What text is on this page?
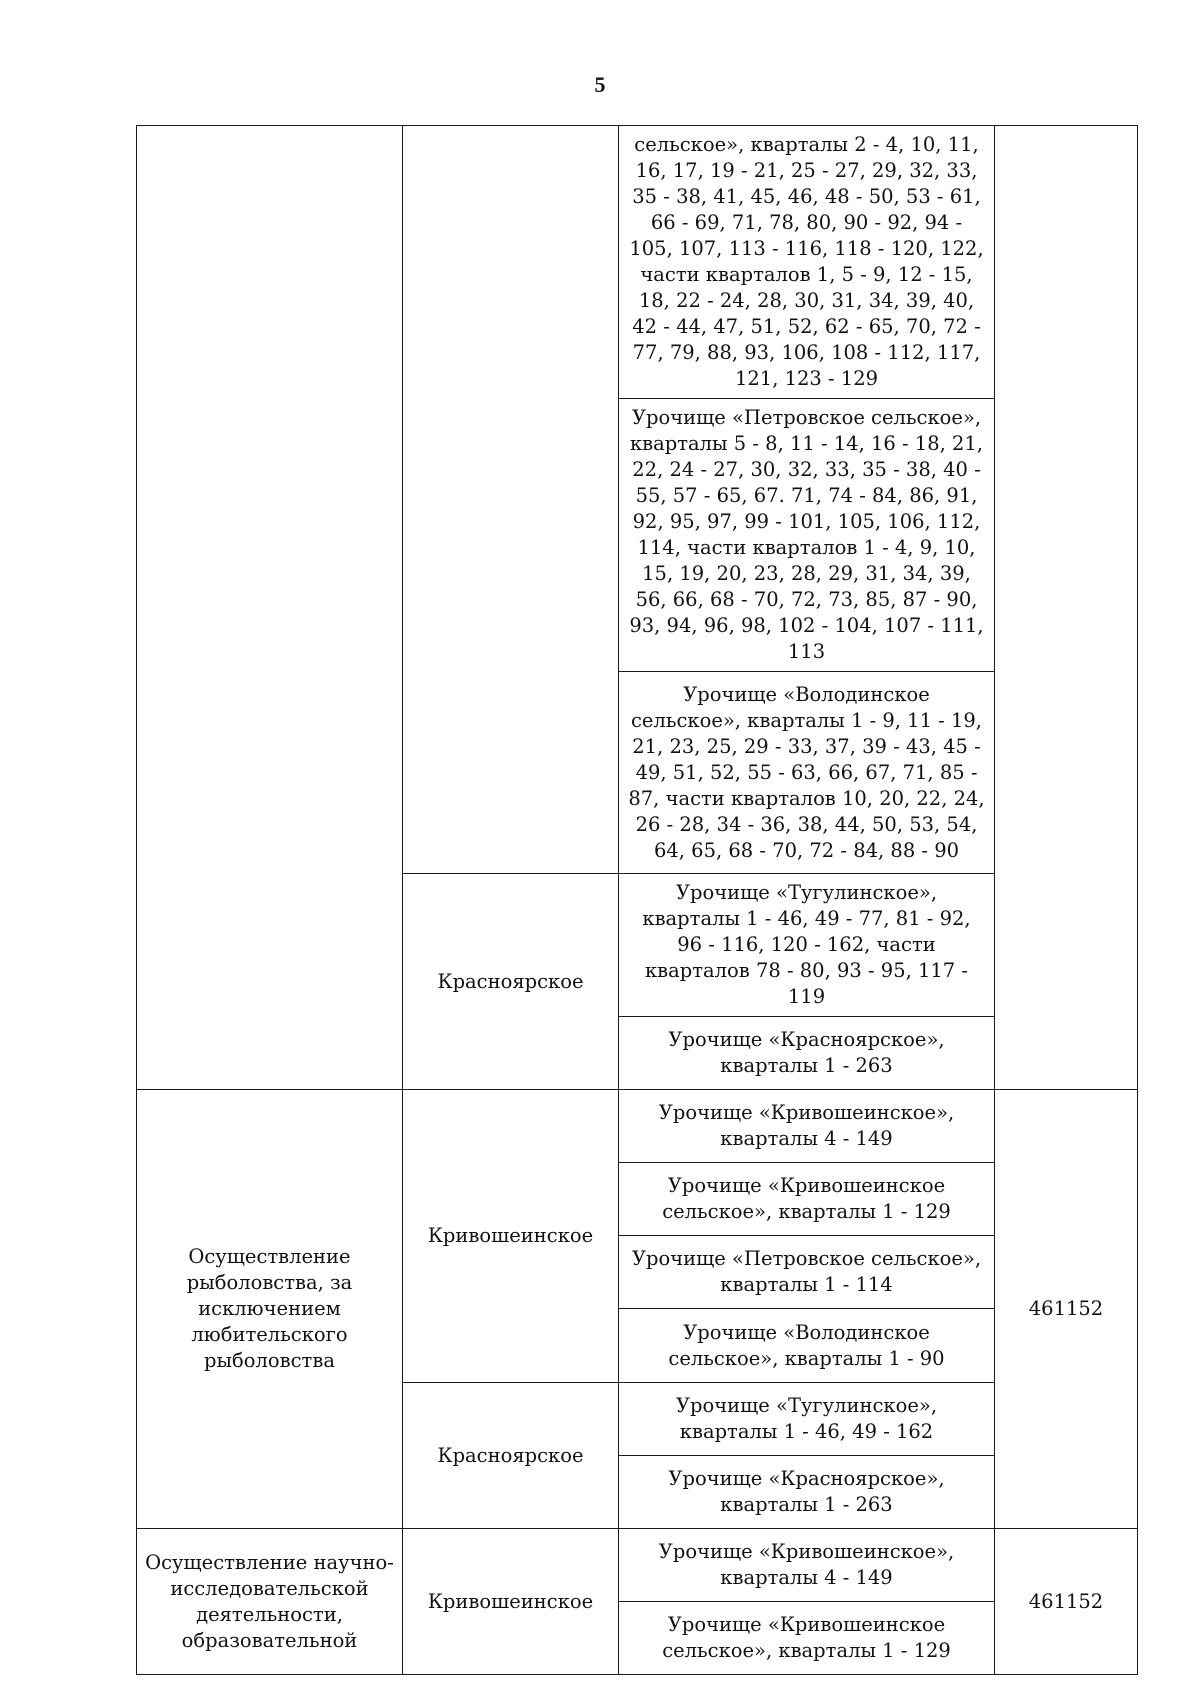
5
		сельское», кварталы 2 - 4, 10, 11, 16, 17, 19 - 21, 25 - 27, 29, 32, 33, 35 - 38, 41, 45, 46, 48 - 50, 53 - 61, 66 - 69, 71, 78, 80, 90 - 92, 94 - 105, 107, 113 - 116, 118 - 120, 122, части кварталов 1, 5 - 9, 12 - 15, 18, 22 - 24, 28, 30, 31, 34, 39, 40, 42 - 44, 47, 51, 52, 62 - 65, 70, 72 - 77, 79, 88, 93, 106, 108 - 112, 117, 121, 123 - 129	
		Урочище «Петровское сельское», кварталы 5 - 8, 11 - 14, 16 - 18, 21, 22, 24 - 27, 30, 32, 33, 35 - 38, 40 - 55, 57 - 65, 67. 71, 74 - 84, 86, 91, 92, 95, 97, 99 - 101, 105, 106, 112, 114, части кварталов 1 - 4, 9, 10, 15, 19, 20, 23, 28, 29, 31, 34, 39, 56, 66, 68 - 70, 72, 73, 85, 87 - 90, 93, 94, 96, 98, 102 - 104, 107 - 111, 113	
		Урочище «Володинское сельское», кварталы 1 - 9, 11 - 19, 21, 23, 25, 29 - 33, 37, 39 - 43, 45 - 49, 51, 52, 55 - 63, 66, 67, 71, 85 - 87, части кварталов 10, 20, 22, 24, 26 - 28, 34 - 36, 38, 44, 50, 53, 54, 64, 65, 68 - 70, 72 - 84, 88 - 90	
	Красноярское	Урочище «Тугулинское», кварталы 1 - 46, 49 - 77, 81 - 92, 96 - 116, 120 - 162, части кварталов 78 - 80, 93 - 95, 117 - 119	
		Урочище «Красноярское», кварталы 1 - 263	
Осуществление рыболовства, за исключением любительского рыболовства	Кривошеинское	Урочище «Кривошеинское», кварталы 4 - 149	461152
		Урочище «Кривошеинское сельское», кварталы 1 - 129	
		Урочище «Петровское сельское», кварталы 1 - 114	
		Урочище «Володинское сельское», кварталы 1 - 90	
	Красноярское	Урочище «Тугулинское», кварталы 1 - 46, 49 - 162	
		Урочище «Красноярское», кварталы 1 - 263	
Осуществление научно-исследовательской деятельности, образовательной	Кривошеинское	Урочище «Кривошеинское», кварталы 4 - 149	461152
		Урочище «Кривошеинское сельское», кварталы 1 - 129	
